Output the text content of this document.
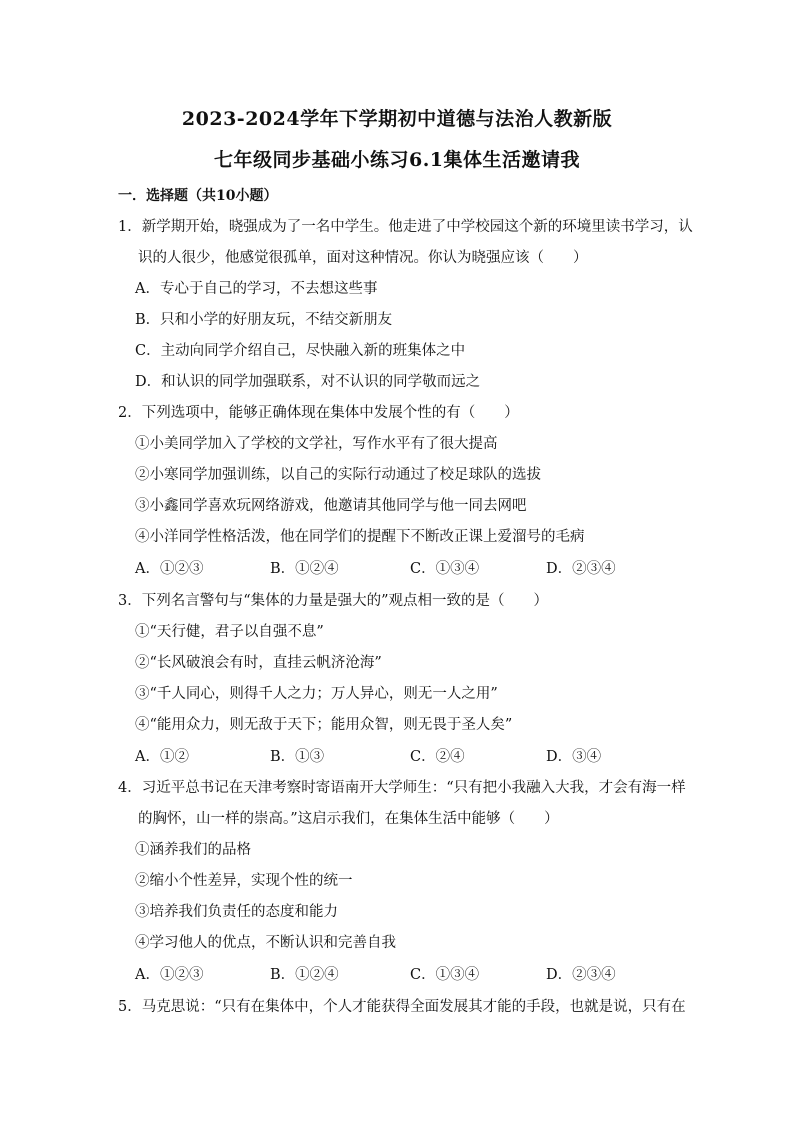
2023-2024学年下学期初中道德与法治人教新版
七年级同步基础小练习6.1集体生活邀请我
一．选择题（共10小题）
1．新学期开始，晓强成为了一名中学生。他走进了中学校园这个新的环境里读书学习，认
识的人很少，他感觉很孤单，面对这种情况。你认为晓强应该（　　）
A．专心于自己的学习，不去想这些事
B．只和小学的好朋友玩，不结交新朋友
C．主动向同学介绍自己，尽快融入新的班集体之中
D．和认识的同学加强联系，对不认识的同学敬而远之
2．下列选项中，能够正确体现在集体中发展个性的有（　　）
①小美同学加入了学校的文学社，写作水平有了很大提高
②小寒同学加强训练，以自己的实际行动通过了校足球队的选拔
③小鑫同学喜欢玩网络游戏，他邀请其他同学与他一同去网吧
④小洋同学性格活泼，他在同学们的提醒下不断改正课上爱溜号的毛病
A．①②③	B．①②④	C．①③④	D．②③④
3．下列名言警句与“集体的力量是强大的”观点相一致的是（　　）
①“天行健，君子以自强不息”
②“长风破浪会有时，直挂云帆济沧海”
③“千人同心，则得千人之力；万人异心，则无一人之用”
④“能用众力，则无敌于天下；能用众智，则无畏于圣人矣”
A．①②	B．①③	C．②④	D．③④
4．习近平总书记在天津考察时寄语南开大学师生：“只有把小我融入大我，才会有海一样
的胸怀，山一样的崇高。”这启示我们，在集体生活中能够（　　）
①涵养我们的品格
②缩小个性差异，实现个性的统一
③培养我们负责任的态度和能力
④学习他人的优点，不断认识和完善自我
A．①②③	B．①②④	C．①③④	D．②③④
5．马克思说：“只有在集体中，个人才能获得全面发展其才能的手段，也就是说，只有在
